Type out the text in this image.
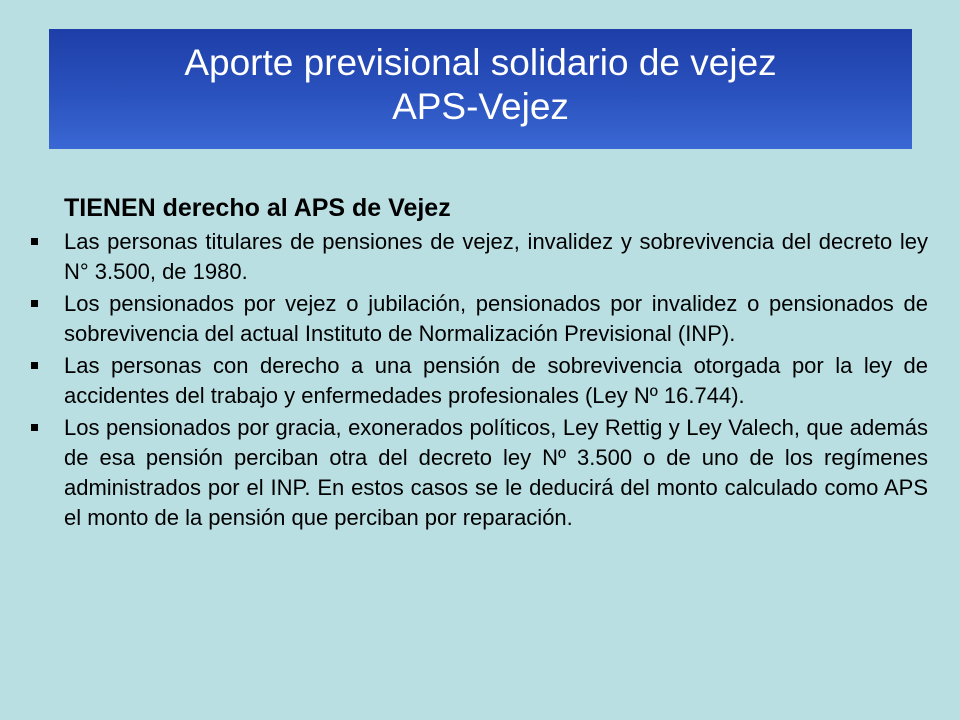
Aporte previsional solidario de vejez
APS-Vejez
TIENEN derecho al APS de Vejez
Las personas titulares de pensiones de vejez, invalidez y sobrevivencia del decreto ley N° 3.500, de 1980.
Los pensionados por vejez o jubilación, pensionados por invalidez o pensionados de sobrevivencia del actual Instituto de Normalización Previsional (INP).
Las personas con derecho a una pensión de sobrevivencia otorgada por la ley de accidentes del trabajo y enfermedades profesionales (Ley Nº 16.744).
Los pensionados por gracia, exonerados políticos, Ley Rettig y Ley Valech, que además de esa pensión perciban otra del decreto ley Nº 3.500 o de uno de los regímenes administrados por el INP. En estos casos se le deducirá del monto calculado como APS el monto de la pensión que perciban por reparación.
